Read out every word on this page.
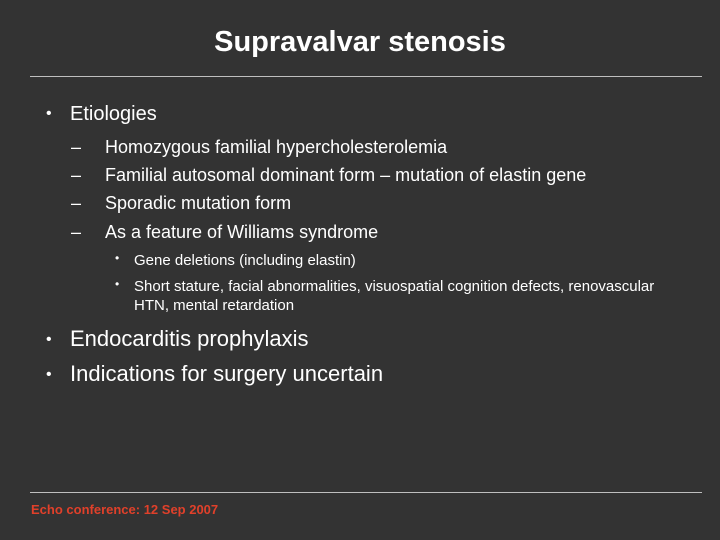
Supravalvar stenosis
• Etiologies
– Homozygous familial hypercholesterolemia
– Familial autosomal dominant form – mutation of elastin gene
– Sporadic mutation form
– As a feature of Williams syndrome
• Gene deletions (including elastin)
• Short stature, facial abnormalities, visuospatial cognition defects, renovascular HTN, mental retardation
• Endocarditis prophylaxis
• Indications for surgery uncertain
Echo conference: 12 Sep 2007
